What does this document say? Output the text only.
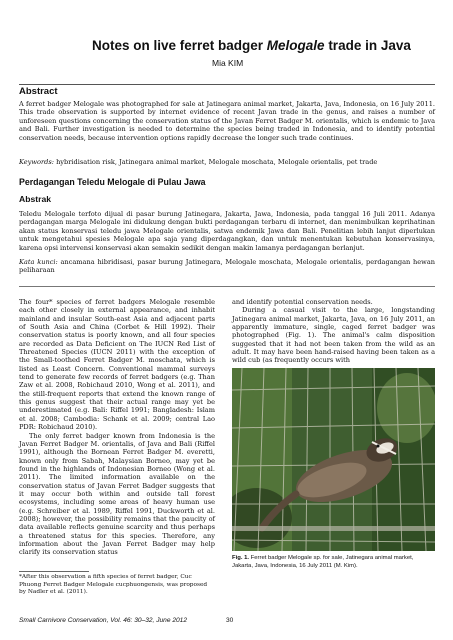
Notes on live ferret badger Melogale trade in Java
Mia KIM
Abstract
A ferret badger Melogale was photographed for sale at Jatinegara animal market, Jakarta, Java, Indonesia, on 16 July 2011. This trade observation is supported by internet evidence of recent Javan trade in the genus, and raises a number of unforeseen questions concerning the conservation status of the Javan Ferret Badger M. orientalis, which is endemic to Java and Bali. Further investigation is needed to determine the species being traded in Indonesia, and to identify potential conservation needs, because intervention options rapidly decrease the longer such trade continues.
Keywords: hybridisation risk, Jatinegara animal market, Melogale moschata, Melogale orientalis, pet trade
Perdagangan Teledu Melogale di Pulau Jawa
Abstrak
Teledu Melogale terfoto dijual di pasar burung Jatinegara, Jakarta, Jawa, Indonesia, pada tanggal 16 Juli 2011. Adanya perdagangan marga Melogale ini didukung dengan bukti perdagangan terbaru di internet, dan menimbulkan keprihatinan akan status konservasi teledu jawa Melogale orientalis, satwa endemik Jawa dan Bali. Penelitian lebih lanjut diperlukan untuk mengetahui spesies Melogale apa saja yang diperdagangkan, dan untuk menentukan kebutuhan konservasinya, karena opsi intervensi konservasi akan semakin sedikit dengan makin lamanya perdagangan berlanjut.
Kata kunci: ancamana hibridisasi, pasar burung Jatinegara, Melogale moschata, Melogale orientalis, perdagangan hewan peliharaan

The four* species of ferret badgers Melogale resemble each other closely in external appearance, and inhabit mainland and insular South-east Asia and adjacent parts of South Asia and China (Corbet & Hill 1992). Their conservation status is poorly known, and all four species are recorded as Data Deficient on The IUCN Red List of Threatened Species (IUCN 2011) with the exception of the Small-toothed Ferret Badger M. moschata, which is listed as Least Concern. Conventional mammal surveys tend to generate few records of ferret badgers (e.g. Than Zaw et al. 2008, Robichaud 2010, Wong et al. 2011), and the still-frequent reports that extend the known range of this genus suggest that their actual range may yet be underestimated (e.g. Bali: Riffel 1991; Bangladesh: Islam et al. 2008; Cambodia: Schank et al. 2009; central Lao PDR: Robichaud 2010).

The only ferret badger known from Indonesia is the Javan Ferret Badger M. orientalis, of Java and Bali (Riffel 1991), although the Bornean Ferret Badger M. everetti, known only from Sabah, Malaysian Borneo, may yet be found in the highlands of Indonesian Borneo (Wong et al. 2011). The limited information available on the conservation status of Javan Ferret Badger suggests that it may occur both within and outside tall forest ecosystems, including some areas of heavy human use (e.g. Schreiber et al. 1989, Riffel 1991, Duckworth et al. 2008); however, the possibility remains that the paucity of data available reflects genuine scarcity and thus perhaps a threatened status for this species. Therefore, any information about the Javan Ferret Badger may help clarify its conservation status

and identify potential conservation needs.

During a casual visit to the large, longstanding Jatinegara animal market, Jakarta, Java, on 16 July 2011, an apparently immature, single, caged ferret badger was photographed (Fig. 1). The animal's calm disposition suggested that it had not been taken from the wild as an adult. It may have been hand-raised having been taken as a wild cub (as frequently occurs with

Fig. 1. Ferret badger Melogale sp. for sale, Jatinegara animal market, Jakarta, Java, Indonesia, 16 July 2011 (M. Kim).
*After this observation a fifth species of ferret badger, Cuc Phuong Ferret Badger Melogale cucphuongensis, was proposed by Nadler et al. (2011).
Small Carnivore Conservation, Vol. 46: 30–32, June 2012	30
